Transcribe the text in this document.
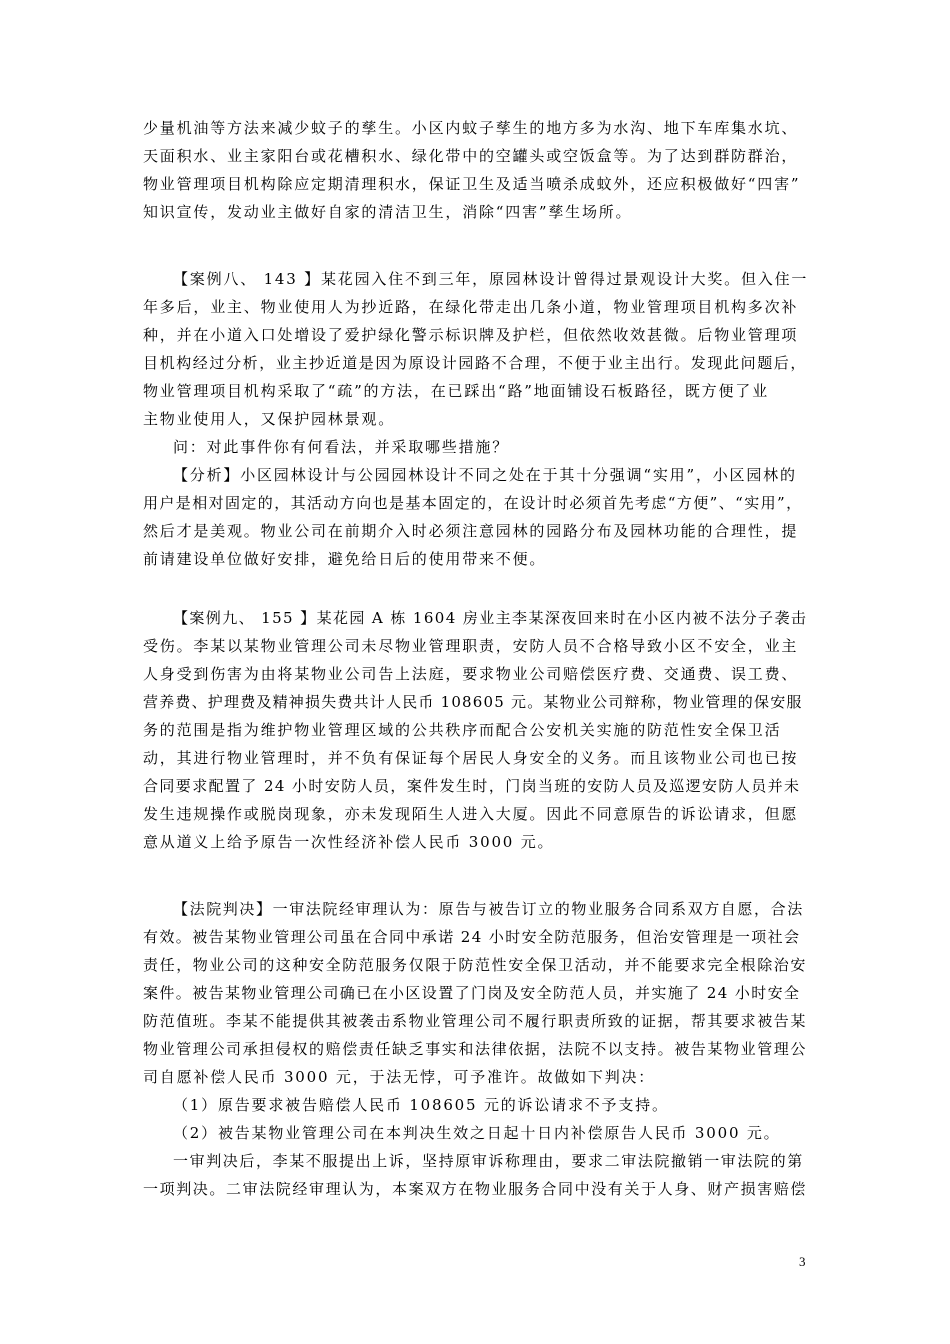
少量机油等方法来减少蚊子的孳生。小区内蚊子孳生的地方多为水沟、地下车库集水坑、
天面积水、业主家阳台或花槽积水、绿化带中的空罐头或空饭盒等。为了达到群防群治，
物业管理项目机构除应定期清理积水，保证卫生及适当喷杀成蚊外，还应积极做好“四害”
知识宣传，发动业主做好自家的清洁卫生，消除“四害”孳生场所。
【案例八、 143 】某花园入住不到三年，原园林设计曾得过景观设计大奖。但入住一
年多后，业主、物业使用人为抄近路，在绿化带走出几条小道，物业管理项目机构多次补
种，并在小道入口处增设了爱护绿化警示标识牌及护栏，但依然收效甚微。后物业管理项
目机构经过分析，业主抄近道是因为原设计园路不合理，不便于业主出行。发现此问题后，
物业管理项目机构采取了“疏”的方法，在已踩出“路”地面铺设石板路径，既方便了业
主物业使用人，又保护园林景观。
问：对此事件你有何看法，并采取哪些措施？
【分析】小区园林设计与公园园林设计不同之处在于其十分强调“实用”，小区园林的
用户是相对固定的，其活动方向也是基本固定的，在设计时必须首先考虑“方便”、“实用”，
然后才是美观。物业公司在前期介入时必须注意园林的园路分布及园林功能的合理性，提
前请建设单位做好安排，避免给日后的使用带来不便。
【案例九、 155 】某花园 A 栋 1604 房业主李某深夜回来时在小区内被不法分子袭击
受伤。李某以某物业管理公司未尽物业管理职责，安防人员不合格导致小区不安全，业主
人身受到伤害为由将某物业公司告上法庭，要求物业公司赔偿医疗费、交通费、误工费、
营养费、护理费及精神损失费共计人民币 108605 元。某物业公司辩称，物业管理的保安服
务的范围是指为维护物业管理区域的公共秩序而配合公安机关实施的防范性安全保卫活
动，其进行物业管理时，并不负有保证每个居民人身安全的义务。而且该物业公司也已按
合同要求配置了 24 小时安防人员，案件发生时，门岗当班的安防人员及巡逻安防人员并未
发生违规操作或脱岗现象，亦未发现陌生人进入大厦。因此不同意原告的诉讼请求，但愿
意从道义上给予原告一次性经济补偿人民币 3000 元。
【法院判决】一审法院经审理认为：原告与被告订立的物业服务合同系双方自愿，合法
有效。被告某物业管理公司虽在合同中承诺 24 小时安全防范服务，但治安管理是一项社会
责任，物业公司的这种安全防范服务仅限于防范性安全保卫活动，并不能要求完全根除治安
案件。被告某物业管理公司确已在小区设置了门岗及安全防范人员，并实施了 24 小时安全
防范值班。李某不能提供其被袭击系物业管理公司不履行职责所致的证据，帮其要求被告某
物业管理公司承担侵权的赔偿责任缺乏事实和法律依据，法院不以支持。被告某物业管理公
司自愿补偿人民币 3000 元，于法无悖，可予准许。故做如下判决：
（1）原告要求被告赔偿人民币 108605 元的诉讼请求不予支持。
（2）被告某物业管理公司在本判决生效之日起十日内补偿原告人民币 3000 元。
一审判决后，李某不服提出上诉，坚持原审诉称理由，要求二审法院撤销一审法院的第
一项判决。二审法院经审理认为，本案双方在物业服务合同中没有关于人身、财产损害赔偿
3
